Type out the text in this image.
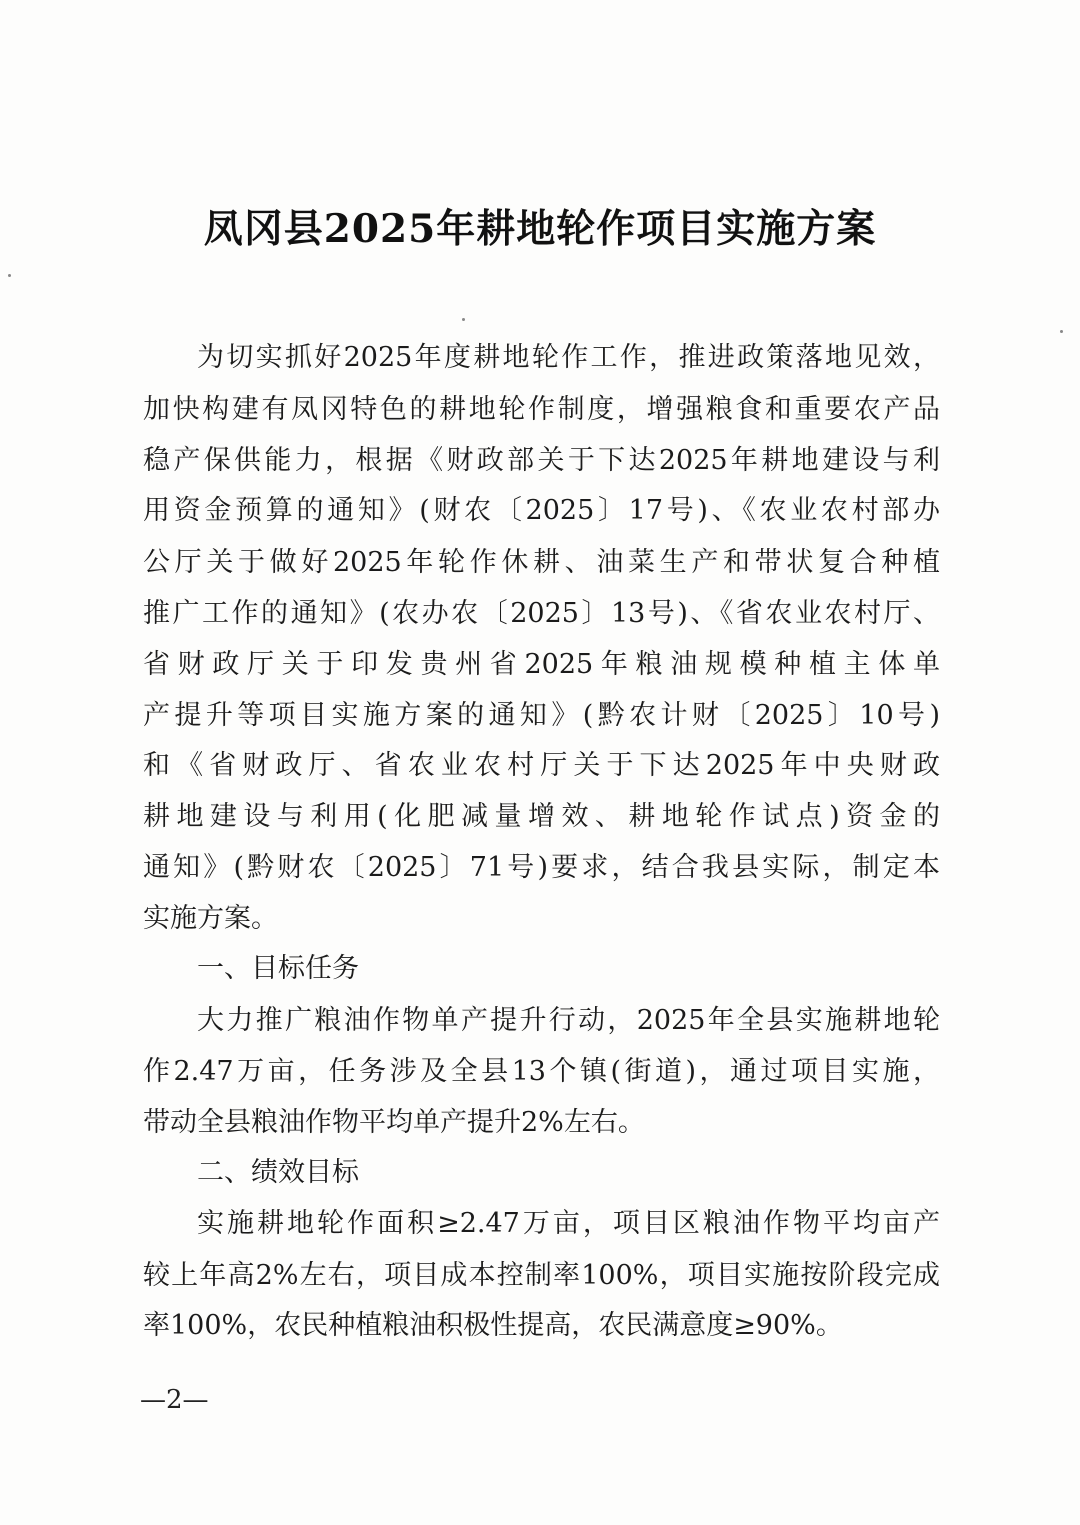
凤冈县2025年耕地轮作项目实施方案
为切实抓好2025年度耕地轮作工作，推进政策落地见效，
加快构建有凤冈特色的耕地轮作制度，增强粮食和重要农产品
稳产保供能力，根据《财政部关于下达2025年耕地建设与利
用资金预算的通知》(财农〔2025〕17号)、《农业农村部办
公厅关于做好2025年轮作休耕、油菜生产和带状复合种植
推广工作的通知》(农办农〔2025〕13号)、《省农业农村厅、
省财政厅关于印发贵州省2025年粮油规模种植主体单
产提升等项目实施方案的通知》(黔农计财〔2025〕10号)
和《省财政厅、省农业农村厅关于下达2025年中央财政
耕地建设与利用(化肥减量增效、耕地轮作试点)资金的
通知》(黔财农〔2025〕71号)要求，结合我县实际，制定本
实施方案。
一、目标任务
大力推广粮油作物单产提升行动，2025年全县实施耕地轮
作2.47万亩，任务涉及全县13个镇(街道)，通过项目实施，
带动全县粮油作物平均单产提升2%左右。
二、绩效目标
实施耕地轮作面积≥2.47万亩，项目区粮油作物平均亩产
较上年高2%左右，项目成本控制率100%，项目实施按阶段完成
率100%，农民种植粮油积极性提高，农民满意度≥90%。
—2—
